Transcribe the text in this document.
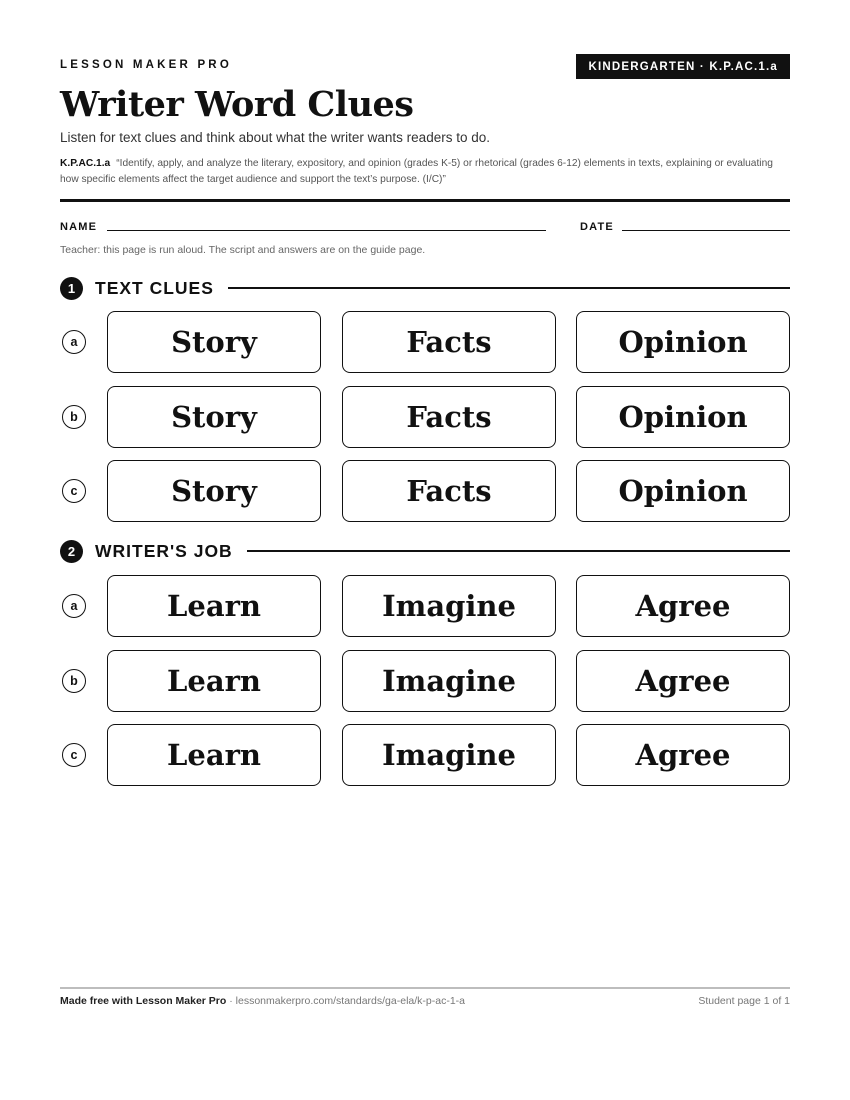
LESSON MAKER PRO	KINDERGARTEN · K.P.AC.1.a
Writer Word Clues
Listen for text clues and think about what the writer wants readers to do.
K.P.AC.1.a “Identify, apply, and analyze the literary, expository, and opinion (grades K-5) or rhetorical (grades 6-12) elements in texts, explaining or evaluating how specific elements affect the target audience and support the text’s purpose. (I/C)”
NAME	DATE
Teacher: this page is run aloud. The script and answers are on the guide page.
1	TEXT CLUES
a	Story	Facts	Opinion
b	Story	Facts	Opinion
c	Story	Facts	Opinion
2	WRITER'S JOB
a	Learn	Imagine	Agree
b	Learn	Imagine	Agree
c	Learn	Imagine	Agree
Made free with Lesson Maker Pro · lessonmakerpro.com/standards/ga-ela/k-p-ac-1-a	Student page 1 of 1
